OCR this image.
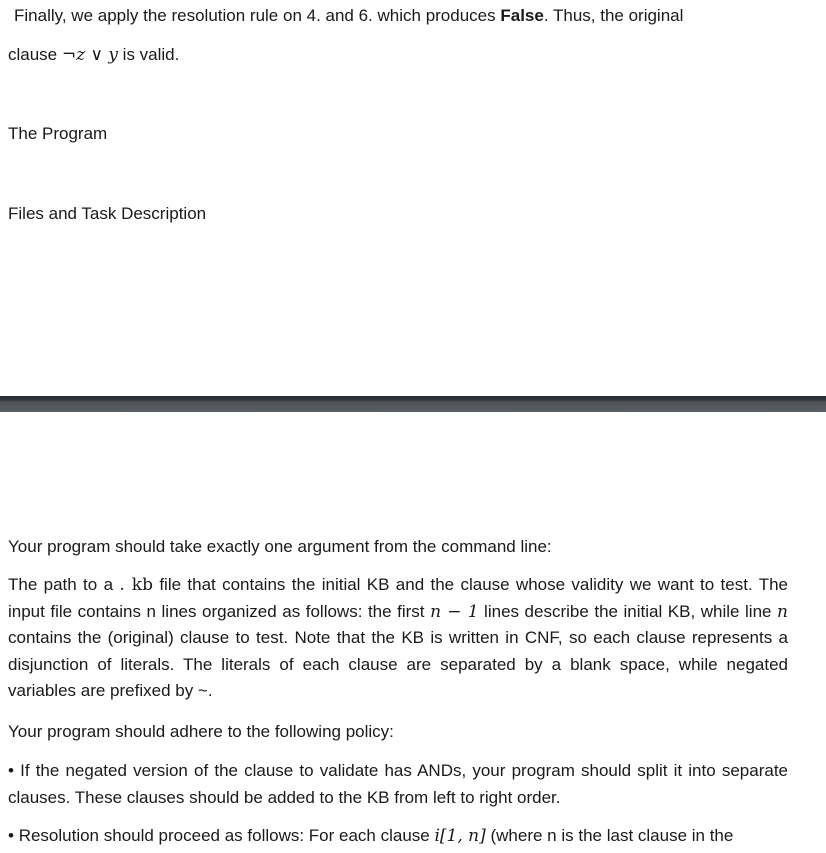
Finally, we apply the resolution rule on 4. and 6. which produces False. Thus, the original
clause ¬z ∨ y is valid.
The Program
Files and Task Description
Your program should take exactly one argument from the command line:
The path to a . kb file that contains the initial KB and the clause whose validity we want to test. The input file contains n lines organized as follows: the first n − 1 lines describe the initial KB, while line n contains the (original) clause to test. Note that the KB is written in CNF, so each clause represents a disjunction of literals. The literals of each clause are separated by a blank space, while negated variables are prefixed by ~.
Your program should adhere to the following policy:
• If the negated version of the clause to validate has ANDs, your program should split it into separate clauses. These clauses should be added to the KB from left to right order.
• Resolution should proceed as follows: For each clause i[1, n] (where n is the last clause in the
